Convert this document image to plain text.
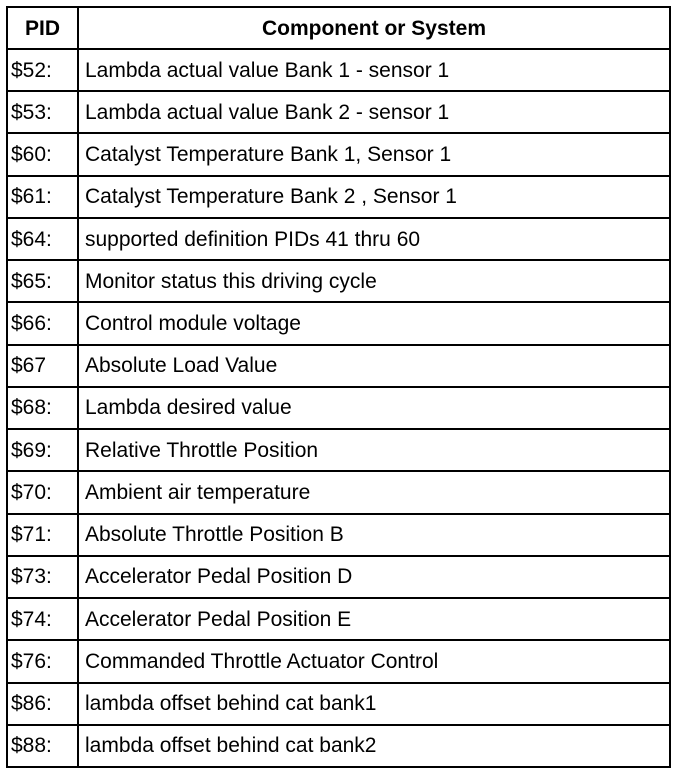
PID	Component or System
$52:	Lambda actual value Bank 1 - sensor 1
$53:	Lambda actual value Bank 2 - sensor 1
$60:	Catalyst Temperature Bank 1, Sensor 1
$61:	Catalyst Temperature Bank 2 , Sensor 1
$64:	supported definition PIDs 41 thru 60
$65:	Monitor status this driving cycle
$66:	Control module voltage
$67	Absolute Load Value
$68:	Lambda desired value
$69:	Relative Throttle Position
$70:	Ambient air temperature
$71:	Absolute Throttle Position B
$73:	Accelerator Pedal Position D
$74:	Accelerator Pedal Position E
$76:	Commanded Throttle Actuator Control
$86:	lambda offset behind cat bank1
$88:	lambda offset behind cat bank2
